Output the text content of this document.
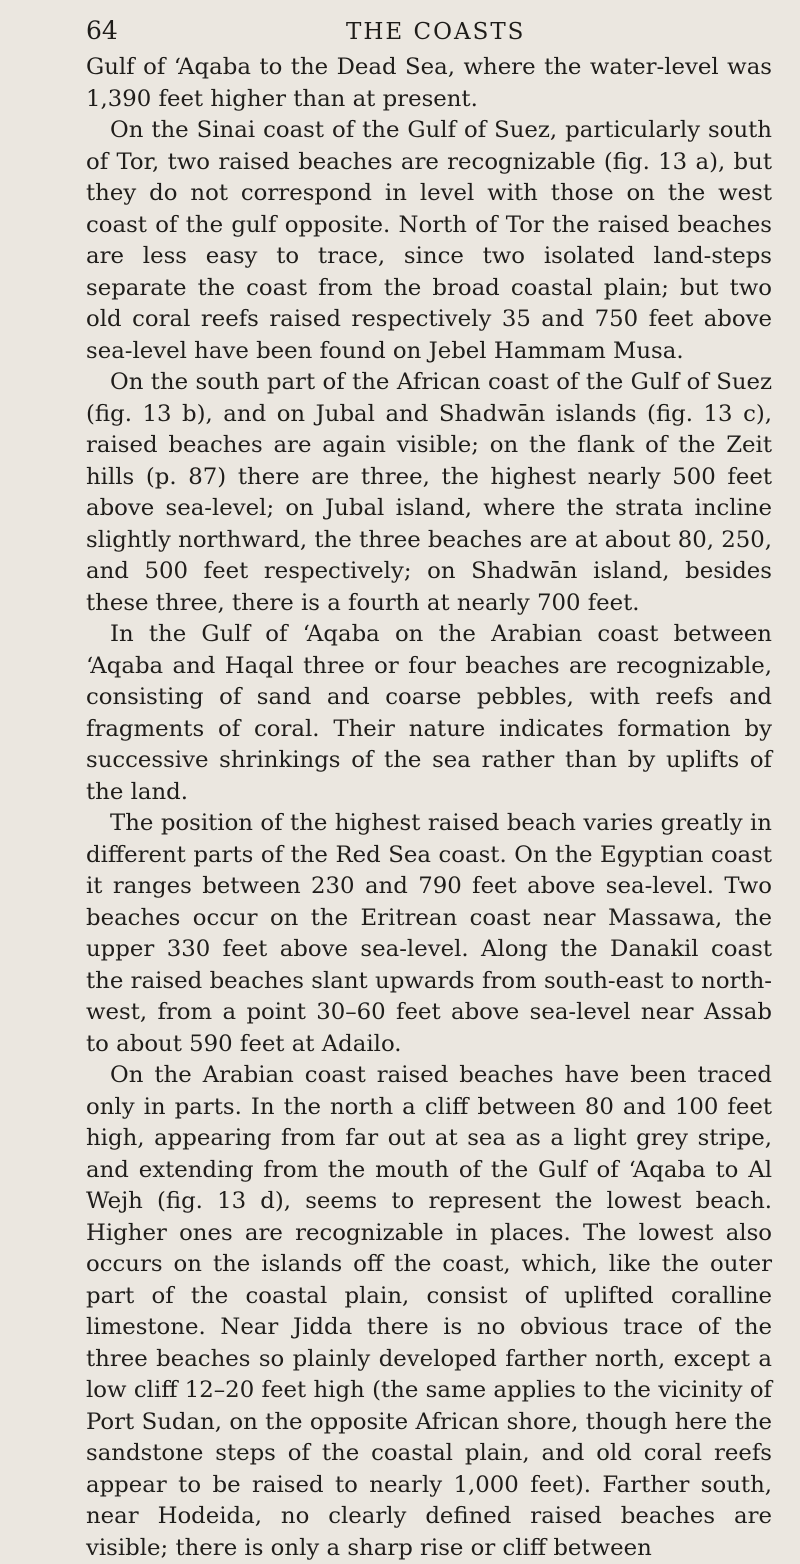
64	THE COASTS

Gulf of ‘Aqaba to the Dead Sea, where the water-level was 1,390 feet higher than at present.

On the Sinai coast of the Gulf of Suez, particularly south of Tor, two raised beaches are recognizable (fig. 13 a), but they do not correspond in level with those on the west coast of the gulf opposite. North of Tor the raised beaches are less easy to trace, since two isolated land-steps separate the coast from the broad coastal plain; but two old coral reefs raised respectively 35 and 750 feet above sea-level have been found on Jebel Hammam Musa.

On the south part of the African coast of the Gulf of Suez (fig. 13 b), and on Jubal and Shadwān islands (fig. 13 c), raised beaches are again visible; on the flank of the Zeit hills (p. 87) there are three, the highest nearly 500 feet above sea-level; on Jubal island, where the strata incline slightly northward, the three beaches are at about 80, 250, and 500 feet respectively; on Shadwān island, besides these three, there is a fourth at nearly 700 feet.

In the Gulf of ‘Aqaba on the Arabian coast between ‘Aqaba and Haqal three or four beaches are recognizable, consisting of sand and coarse pebbles, with reefs and fragments of coral. Their nature indicates formation by successive shrinkings of the sea rather than by uplifts of the land.

The position of the highest raised beach varies greatly in different parts of the Red Sea coast. On the Egyptian coast it ranges between 230 and 790 feet above sea-level. Two beaches occur on the Eritrean coast near Massawa, the upper 330 feet above sea-level. Along the Danakil coast the raised beaches slant upwards from south-east to north-west, from a point 30–60 feet above sea-level near Assab to about 590 feet at Adailo.

On the Arabian coast raised beaches have been traced only in parts. In the north a cliff between 80 and 100 feet high, appearing from far out at sea as a light grey stripe, and extending from the mouth of the Gulf of ‘Aqaba to Al Wejh (fig. 13 d), seems to represent the lowest beach. Higher ones are recognizable in places. The lowest also occurs on the islands off the coast, which, like the outer part of the coastal plain, consist of uplifted coralline limestone. Near Jidda there is no obvious trace of the three beaches so plainly developed farther north, except a low cliff 12–20 feet high (the same applies to the vicinity of Port Sudan, on the opposite African shore, though here the sandstone steps of the coastal plain, and old coral reefs appear to be raised to nearly 1,000 feet). Farther south, near Hodeida, no clearly defined raised beaches are visible; there is only a sharp rise or cliff between
